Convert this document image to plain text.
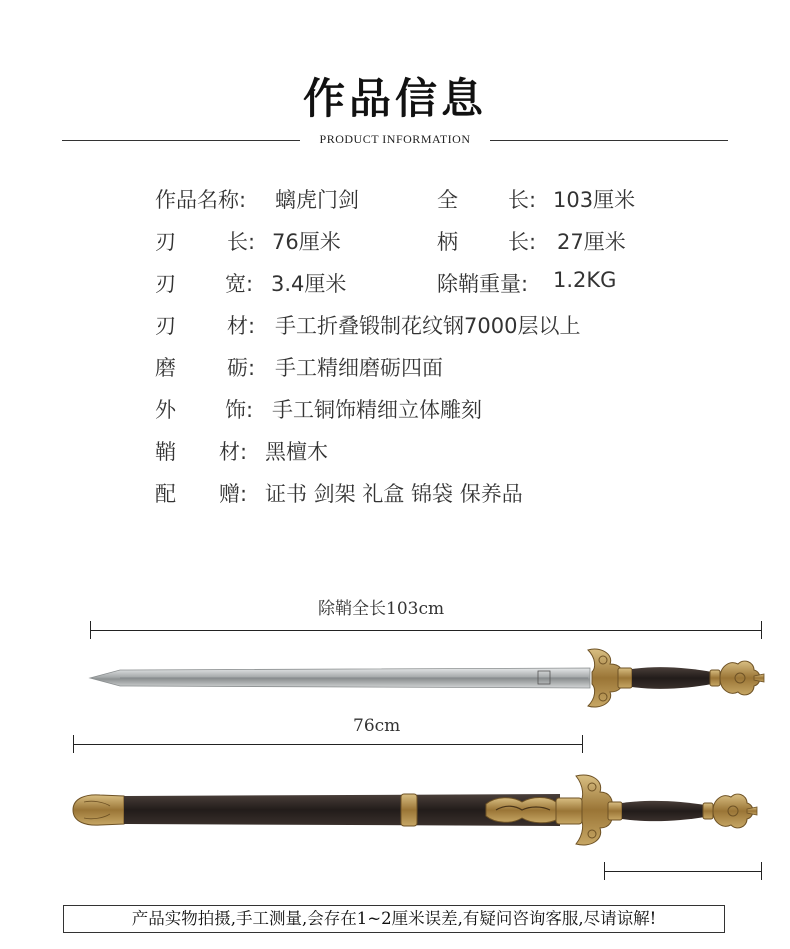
作品信息
PRODUCT INFORMATION
作品名称: 螭虎门剑	全 长: 103厘米
刃 长: 76厘米	柄 长: 27厘米
刃 宽: 3.4厘米	除鞘重量: 1.2KG
刃 材: 手工折叠锻制花纹钢7000层以上
磨 砺: 手工精细磨砺四面
外 饰: 手工铜饰精细立体雕刻
鞘 材: 黑檀木
配 赠: 证书 剑架 礼盒 锦袋 保养品
除鞘全长103cm
76cm
产品实物拍摄,手工测量,会存在1~2厘米误差,有疑问咨询客服,尽请谅解!
